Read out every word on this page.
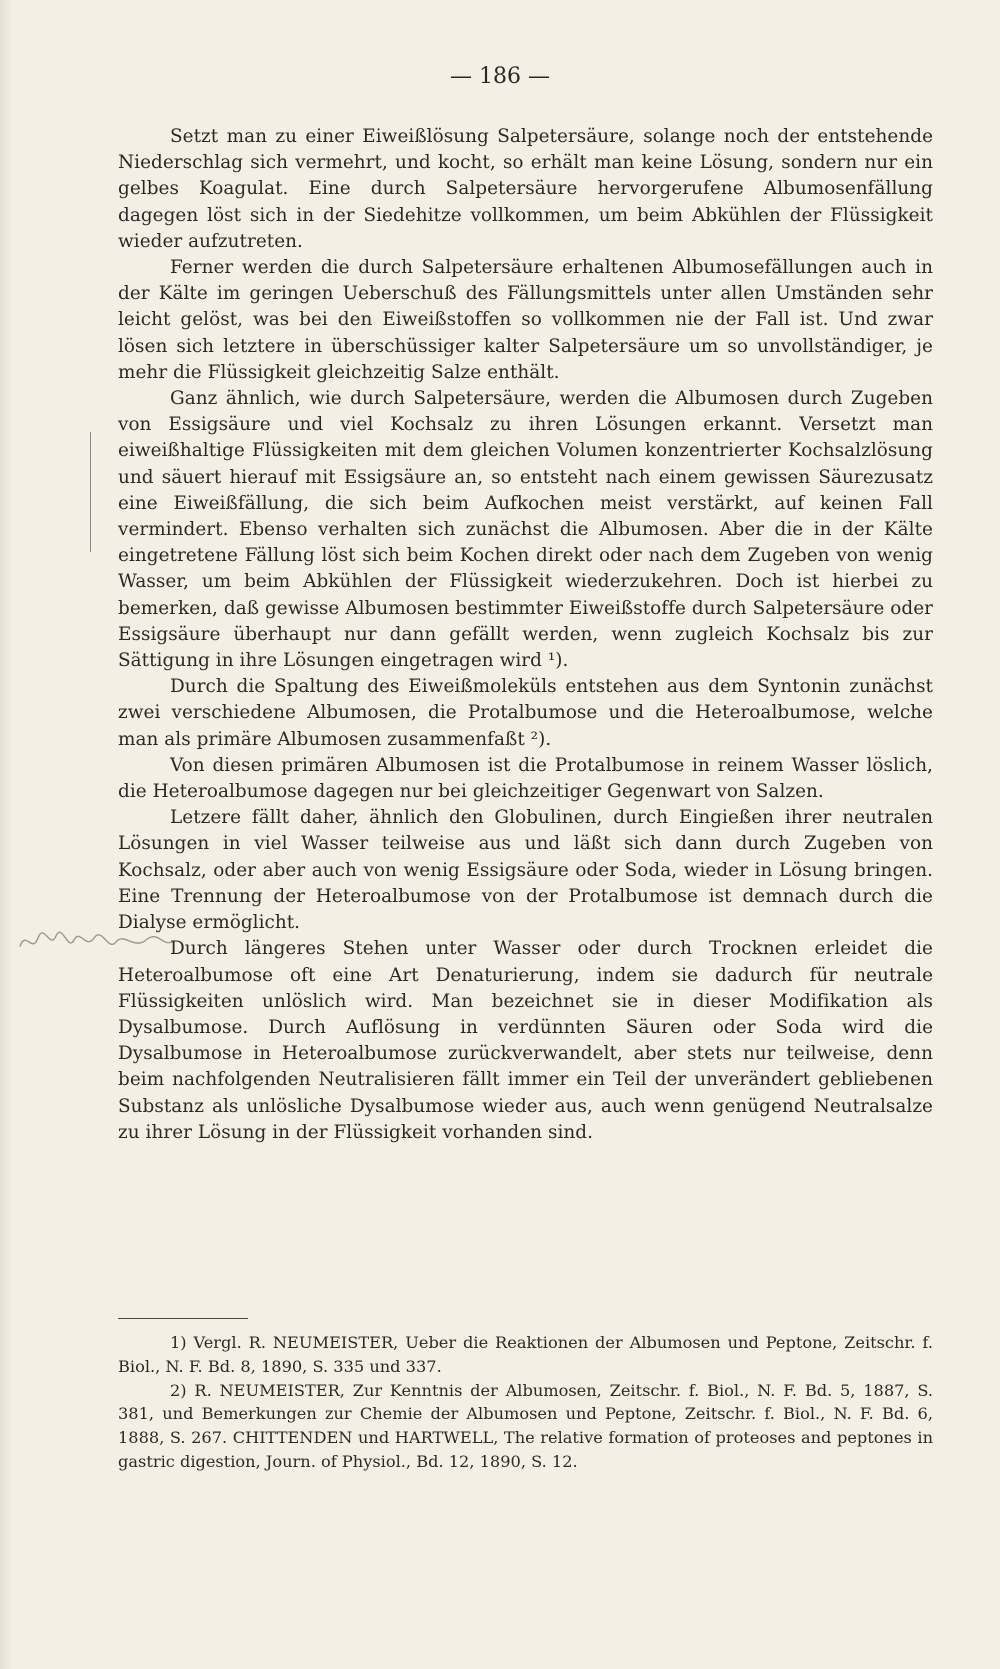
— 186 —

Setzt man zu einer Eiweißlösung Salpetersäure, solange noch der entstehende Niederschlag sich vermehrt, und kocht, so erhält man keine Lösung, sondern nur ein gelbes Koagulat. Eine durch Salpetersäure hervorgerufene Albumosenfällung dagegen löst sich in der Siedehitze vollkommen, um beim Abkühlen der Flüssigkeit wieder aufzutreten.

Ferner werden die durch Salpetersäure erhaltenen Albumosefällungen auch in der Kälte im geringen Ueberschuß des Fällungsmittels unter allen Umständen sehr leicht gelöst, was bei den Eiweißstoffen so vollkommen nie der Fall ist. Und zwar lösen sich letztere in überschüssiger kalter Salpetersäure um so unvollständiger, je mehr die Flüssigkeit gleichzeitig Salze enthält.

Ganz ähnlich, wie durch Salpetersäure, werden die Albumosen durch Zugeben von Essigsäure und viel Kochsalz zu ihren Lösungen erkannt. Versetzt man eiweißhaltige Flüssigkeiten mit dem gleichen Volumen konzentrierter Kochsalzlösung und säuert hierauf mit Essigsäure an, so entsteht nach einem gewissen Säurezusatz eine Eiweißfällung, die sich beim Aufkochen meist verstärkt, auf keinen Fall vermindert. Ebenso verhalten sich zunächst die Albumosen. Aber die in der Kälte eingetretene Fällung löst sich beim Kochen direkt oder nach dem Zugeben von wenig Wasser, um beim Abkühlen der Flüssigkeit wiederzukehren. Doch ist hierbei zu bemerken, daß gewisse Albumosen bestimmter Eiweißstoffe durch Salpetersäure oder Essigsäure überhaupt nur dann gefällt werden, wenn zugleich Kochsalz bis zur Sättigung in ihre Lösungen eingetragen wird ¹).

Durch die Spaltung des Eiweißmoleküls entstehen aus dem Syntonin zunächst zwei verschiedene Albumosen, die Protalbumose und die Heteroalbumose, welche man als primäre Albumosen zusammenfaßt ²).

Von diesen primären Albumosen ist die Protalbumose in reinem Wasser löslich, die Heteroalbumose dagegen nur bei gleichzeitiger Gegenwart von Salzen.

Letzere fällt daher, ähnlich den Globulinen, durch Eingießen ihrer neutralen Lösungen in viel Wasser teilweise aus und läßt sich dann durch Zugeben von Kochsalz, oder aber auch von wenig Essigsäure oder Soda, wieder in Lösung bringen. Eine Trennung der Heteroalbumose von der Protalbumose ist demnach durch die Dialyse ermöglicht.

Durch längeres Stehen unter Wasser oder durch Trocknen erleidet die Heteroalbumose oft eine Art Denaturierung, indem sie dadurch für neutrale Flüssigkeiten unlöslich wird. Man bezeichnet sie in dieser Modifikation als Dysalbumose. Durch Auflösung in verdünnten Säuren oder Soda wird die Dysalbumose in Heteroalbumose zurückverwandelt, aber stets nur teilweise, denn beim nachfolgenden Neutralisieren fällt immer ein Teil der unverändert gebliebenen Substanz als unlösliche Dysalbumose wieder aus, auch wenn genügend Neutralsalze zu ihrer Lösung in der Flüssigkeit vorhanden sind.

1) Vergl. R. NEUMEISTER, Ueber die Reaktionen der Albumosen und Peptone, Zeitschr. f. Biol., N. F. Bd. 8, 1890, S. 335 und 337.

2) R. NEUMEISTER, Zur Kenntnis der Albumosen, Zeitschr. f. Biol., N. F. Bd. 5, 1887, S. 381, und Bemerkungen zur Chemie der Albumosen und Peptone, Zeitschr. f. Biol., N. F. Bd. 6, 1888, S. 267. CHITTENDEN und HARTWELL, The relative formation of proteoses and peptones in gastric digestion, Journ. of Physiol., Bd. 12, 1890, S. 12.
